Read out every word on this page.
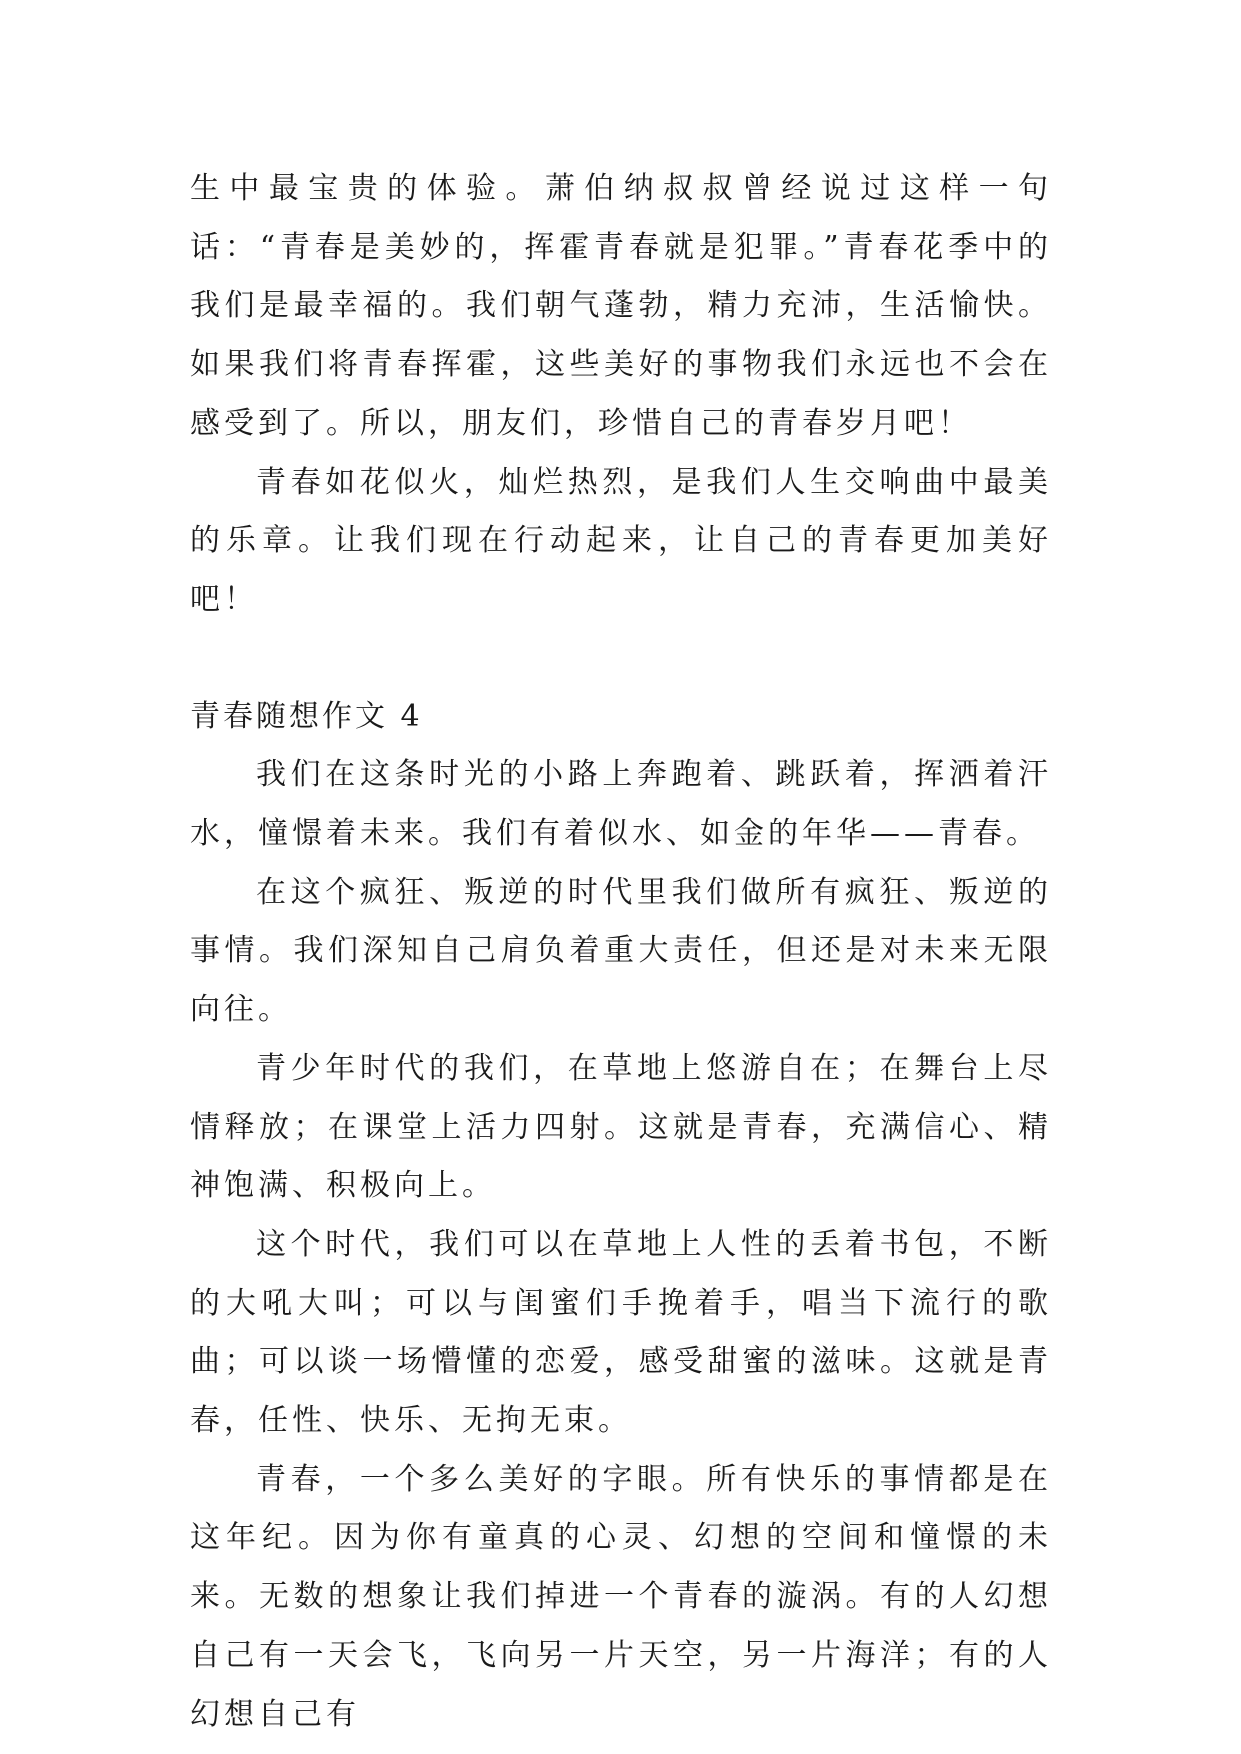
生中最宝贵的体验。萧伯纳叔叔曾经说过这样一句话：“青春是美妙的，挥霍青春就是犯罪。”青春花季中的我们是最幸福的。我们朝气蓬勃，精力充沛，生活愉快。如果我们将青春挥霍，这些美好的事物我们永远也不会在感受到了。所以，朋友们，珍惜自己的青春岁月吧！

青春如花似火，灿烂热烈，是我们人生交响曲中最美的乐章。让我们现在行动起来，让自己的青春更加美好吧！

青春随想作文 4

我们在这条时光的小路上奔跑着、跳跃着，挥洒着汗水，憧憬着未来。我们有着似水、如金的年华——青春。

在这个疯狂、叛逆的时代里我们做所有疯狂、叛逆的事情。我们深知自己肩负着重大责任，但还是对未来无限向往。

青少年时代的我们，在草地上悠游自在；在舞台上尽情释放；在课堂上活力四射。这就是青春，充满信心、精神饱满、积极向上。

这个时代，我们可以在草地上人性的丢着书包，不断的大吼大叫；可以与闺蜜们手挽着手，唱当下流行的歌曲；可以谈一场懵懂的恋爱，感受甜蜜的滋味。这就是青春，任性、快乐、无拘无束。

青春，一个多么美好的字眼。所有快乐的事情都是在这年纪。因为你有童真的心灵、幻想的空间和憧憬的未来。无数的想象让我们掉进一个青春的漩涡。有的人幻想自己有一天会飞，飞向另一片天空，另一片海洋；有的人幻想自己有
